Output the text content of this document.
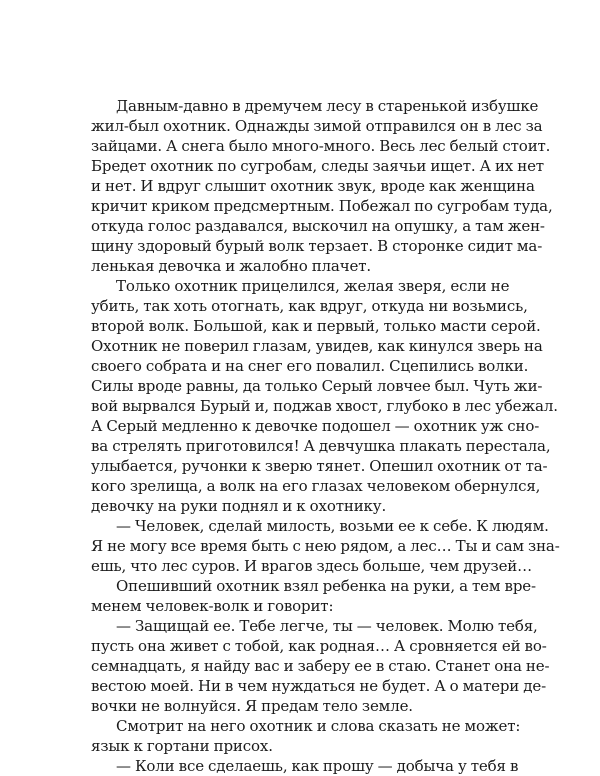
Давным-давно в дремучем лесу в старенькой избушке
жил-был охотник. Однажды зимой отправился он в лес за
зайцами. А снега было много-много. Весь лес белый стоит.
Бредет охотник по сугробам, следы заячьи ищет. А их нет
и нет. И вдруг слышит охотник звук, вроде как женщина
кричит криком предсмертным. Побежал по сугробам туда,
откуда голос раздавался, выскочил на опушку, а там жен-
щину здоровый бурый волк терзает. В сторонке сидит ма-
ленькая девочка и жалобно плачет.
Только охотник прицелился, желая зверя, если не
убить, так хоть отогнать, как вдруг, откуда ни возьмись,
второй волк. Большой, как и первый, только масти серой.
Охотник не поверил глазам, увидев, как кинулся зверь на
своего собрата и на снег его повалил. Сцепились волки.
Силы вроде равны, да только Серый ловчее был. Чуть жи-
вой вырвался Бурый и, поджав хвост, глубоко в лес убежал.
А Серый медленно к девочке подошел — охотник уж сно-
ва стрелять приготовился! А девчушка плакать перестала,
улыбается, ручонки к зверю тянет. Опешил охотник от та-
кого зрелища, а волк на его глазах человеком обернулся,
девочку на руки поднял и к охотнику.
— Человек, сделай милость, возьми ее к себе. К людям.
Я не могу все время быть с нею рядом, а лес… Ты и сам зна-
ешь, что лес суров. И врагов здесь больше, чем друзей…
Опешивший охотник взял ребенка на руки, а тем вре-
менем человек-волк и говорит:
— Защищай ее. Тебе легче, ты — человек. Молю тебя,
пусть она живет с тобой, как родная… А сровняется ей во-
семнадцать, я найду вас и заберу ее в стаю. Станет она не-
вестою моей. Ни в чем нуждаться не будет. А о матери де-
вочки не волнуйся. Я предам тело земле.
Смотрит на него охотник и слова сказать не может:
язык к гортани присох.
— Коли все сделаешь, как прошу — добыча у тебя в
